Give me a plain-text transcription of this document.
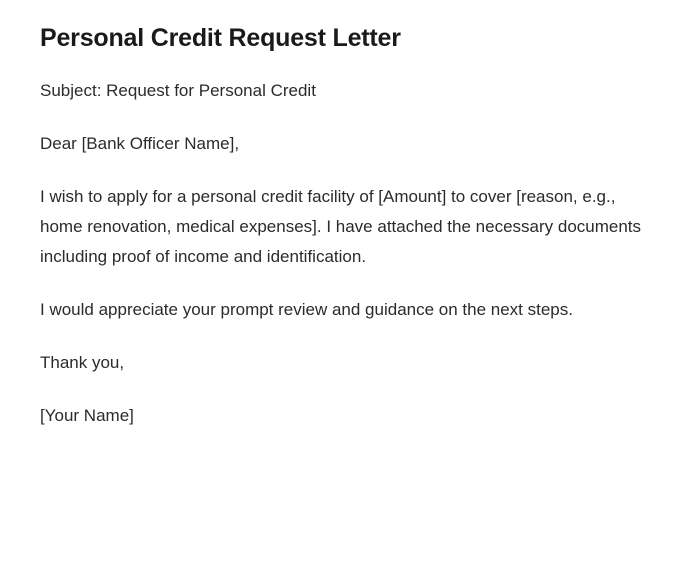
Personal Credit Request Letter

Subject: Request for Personal Credit

Dear [Bank Officer Name],

I wish to apply for a personal credit facility of [Amount] to cover [reason, e.g., home renovation, medical expenses]. I have attached the necessary documents including proof of income and identification.

I would appreciate your prompt review and guidance on the next steps.

Thank you,

[Your Name]
